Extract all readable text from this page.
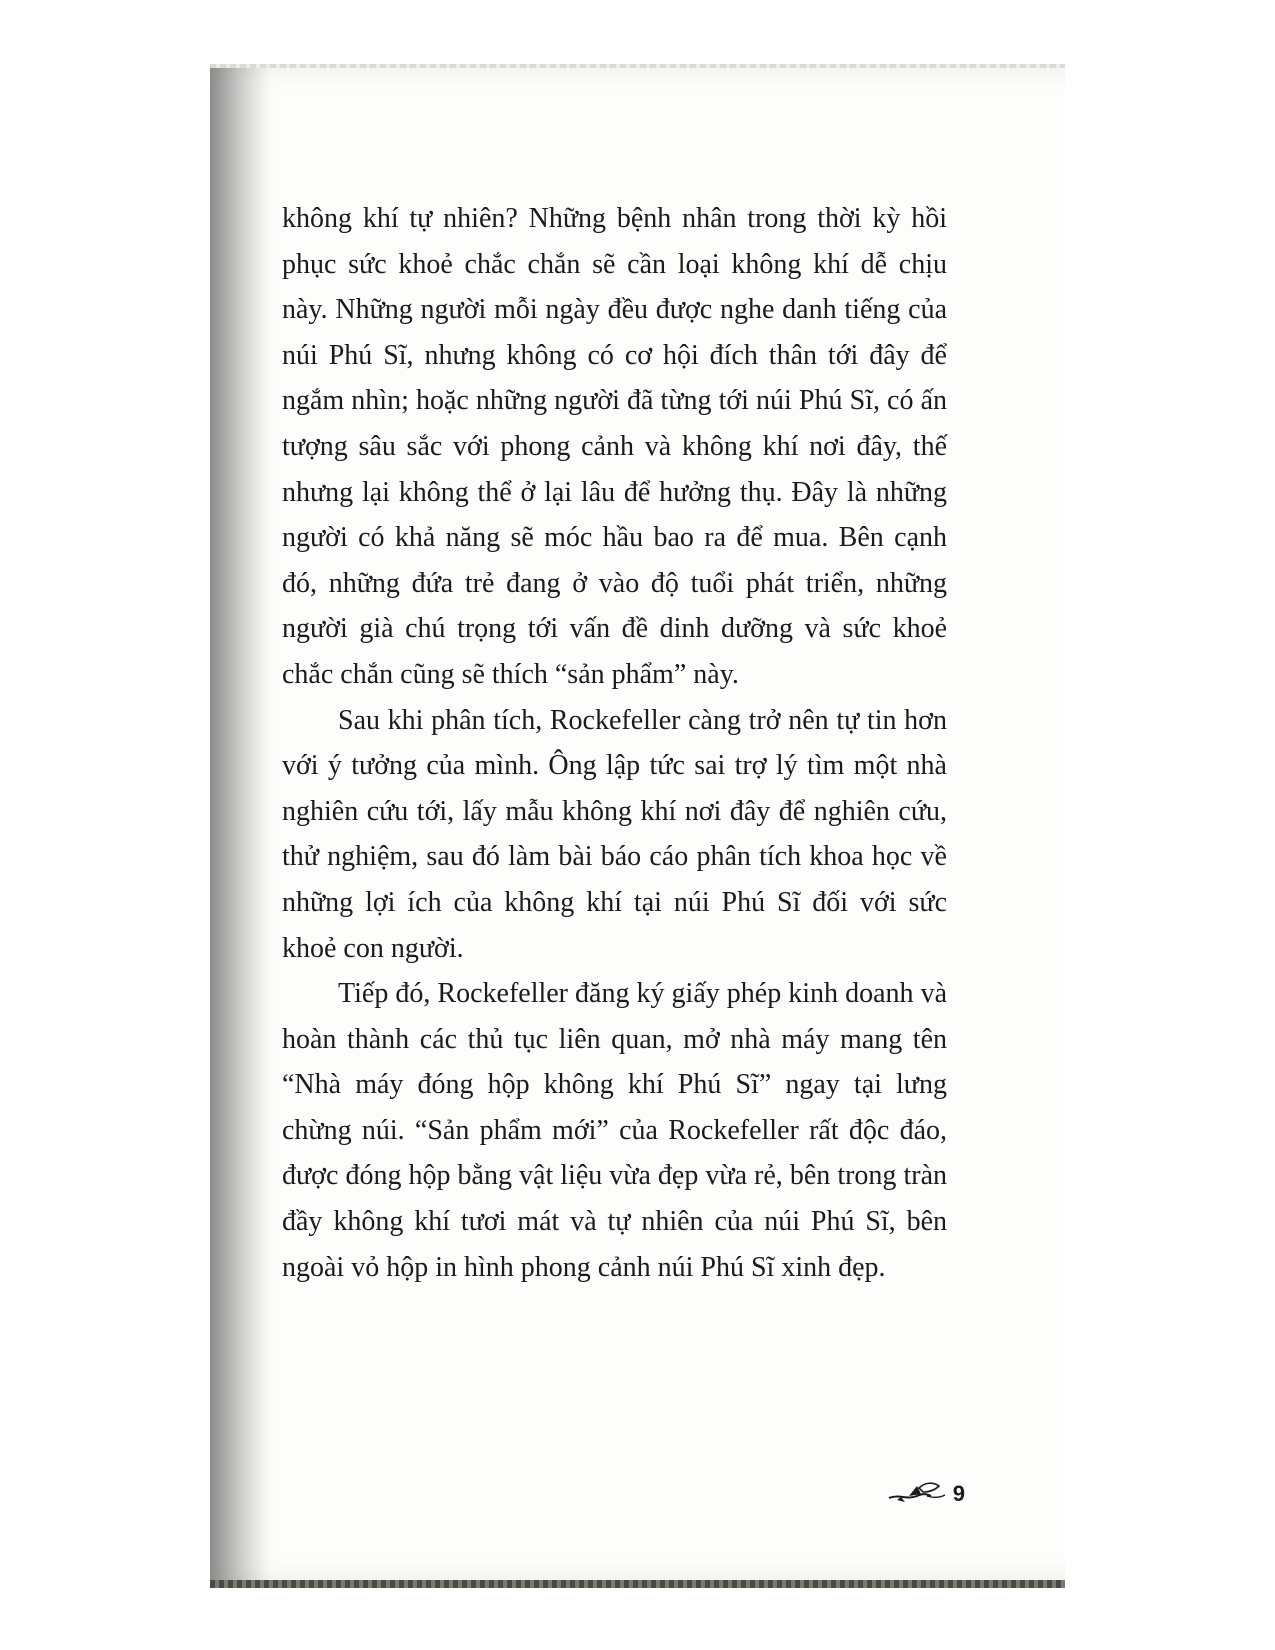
không khí tự nhiên? Những bệnh nhân trong thời kỳ hồi phục sức khoẻ chắc chắn sẽ cần loại không khí dễ chịu này. Những người mỗi ngày đều được nghe danh tiếng của núi Phú Sĩ, nhưng không có cơ hội đích thân tới đây để ngắm nhìn; hoặc những người đã từng tới núi Phú Sĩ, có ấn tượng sâu sắc với phong cảnh và không khí nơi đây, thế nhưng lại không thể ở lại lâu để hưởng thụ. Đây là những người có khả năng sẽ móc hầu bao ra để mua. Bên cạnh đó, những đứa trẻ đang ở vào độ tuổi phát triển, những người già chú trọng tới vấn đề dinh dưỡng và sức khoẻ chắc chắn cũng sẽ thích “sản phẩm” này.

Sau khi phân tích, Rockefeller càng trở nên tự tin hơn với ý tưởng của mình. Ông lập tức sai trợ lý tìm một nhà nghiên cứu tới, lấy mẫu không khí nơi đây để nghiên cứu, thử nghiệm, sau đó làm bài báo cáo phân tích khoa học về những lợi ích của không khí tại núi Phú Sĩ đối với sức khoẻ con người.

Tiếp đó, Rockefeller đăng ký giấy phép kinh doanh và hoàn thành các thủ tục liên quan, mở nhà máy mang tên “Nhà máy đóng hộp không khí Phú Sĩ” ngay tại lưng chừng núi. “Sản phẩm mới” của Rockefeller rất độc đáo, được đóng hộp bằng vật liệu vừa đẹp vừa rẻ, bên trong tràn đầy không khí tươi mát và tự nhiên của núi Phú Sĩ, bên ngoài vỏ hộp in hình phong cảnh núi Phú Sĩ xinh đẹp.

9
